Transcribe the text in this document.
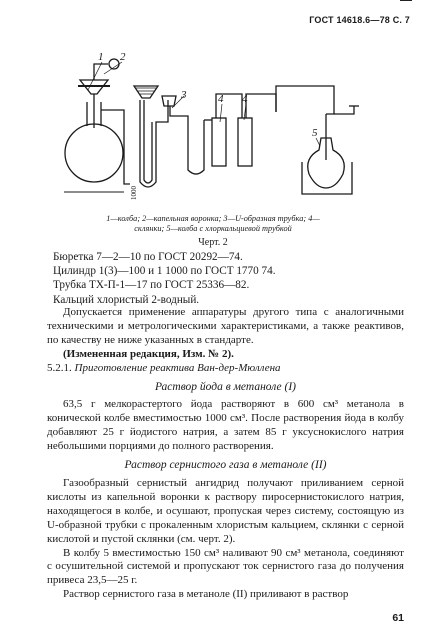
ГОСТ 14618.6—78 С. 7
1 2
3	4 4
5
1000
1—колба; 2—капельная воронка; 3—U-образная трубка; 4—
склянки; 5—колба с хлоркальциевой трубкой
Черт. 2
Бюретка 7—2—10 по ГОСТ 20292—74.
Цилиндр 1(3)—100 и 1 1000 по ГОСТ 1770 74.
Трубка ТХ-П-1—17 по ГОСТ 25336—82.
Кальций хлористый 2-водный.

Допускается применение аппаратуры другого типа с аналогичными техническими и метрологическими характеристиками, а также реактивов, по качеству не ниже указанных в стандарте.

(Измененная редакция, Изм. № 2).

5.2.1. Приготовление реактива Ван-дер-Мюллена

Раствор йода в метаноле (I)

63,5 г мелкорастертого йода растворяют в 600 см³ метанола в конической колбе вместимостью 1000 см³. После растворения йода в колбу добавляют 25 г йодистого натрия, а затем 85 г уксуснокислого натрия небольшими порциями до полного растворения.

Раствор сернистого газа в метаноле (II)

Газообразный сернистый ангидрид получают приливанием серной кислоты из капельной воронки к раствору пиросернистокислого натрия, находящегося в колбе, и осушают, пропуская через систему, состоящую из U-образной трубки с прокаленным хлористым кальцием, склянки с серной кислотой и пустой склянки (см. черт. 2).

В колбу 5 вместимостью 150 см³ наливают 90 см³ метанола, соединяют с осушительной системой и пропускают ток сернистого газа до получения привеса 23,5—25 г.

Раствор сернистого газа в метаноле (II) приливают в раствор

61
